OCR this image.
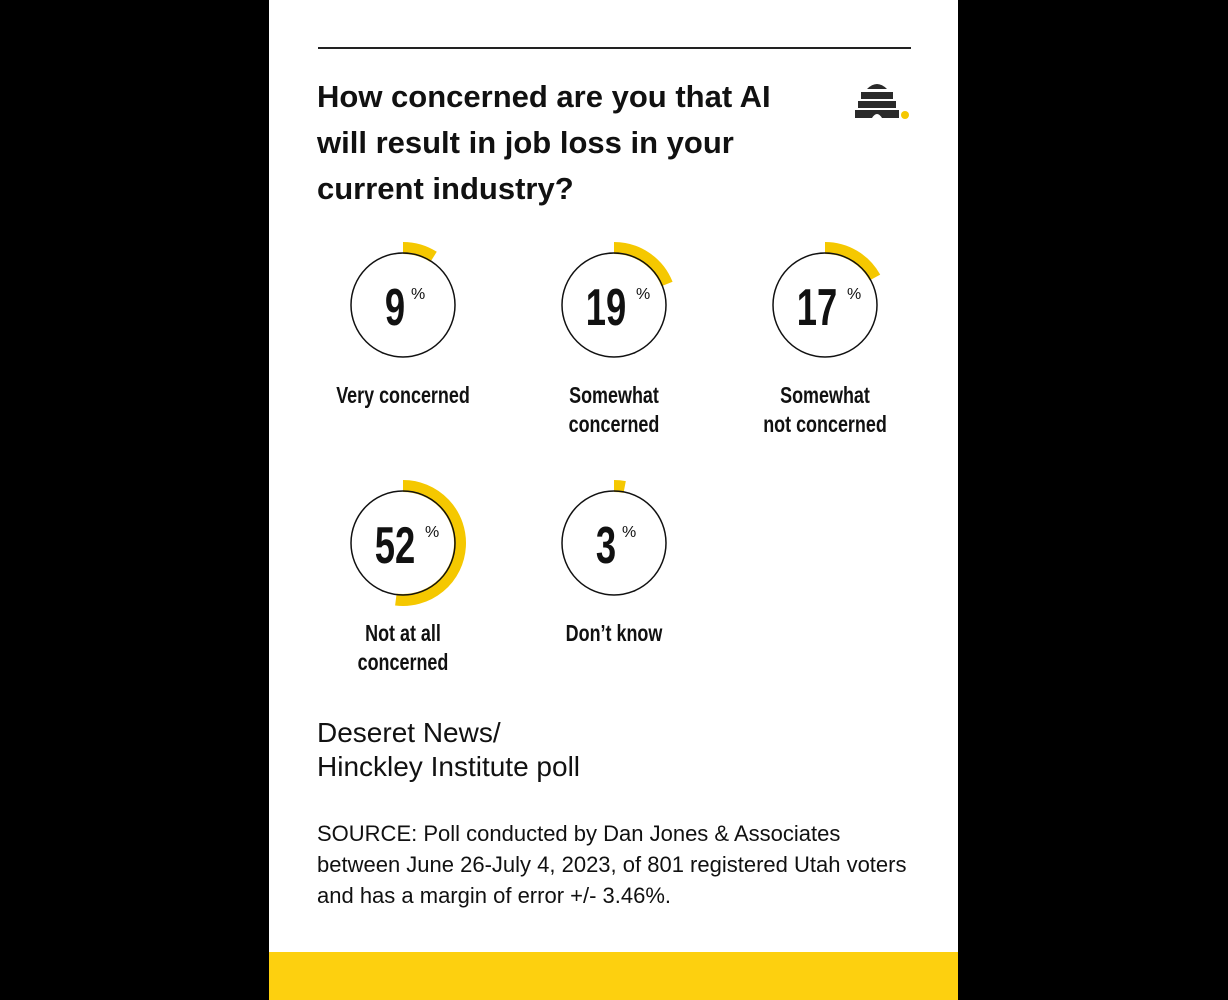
How concerned are you that AI will result in job loss in your current industry?
9 %	19 %	17 %
52 %	3 %
Very concerned	Somewhat
concerned
Somewhat
not concerned
Not at all
concerned
Don’t know
Deseret News/
Hinckley Institute poll
SOURCE: Poll conducted by Dan Jones & Associates between June 26-July 4, 2023, of 801 registered Utah voters and has a margin of error +/- 3.46%.
